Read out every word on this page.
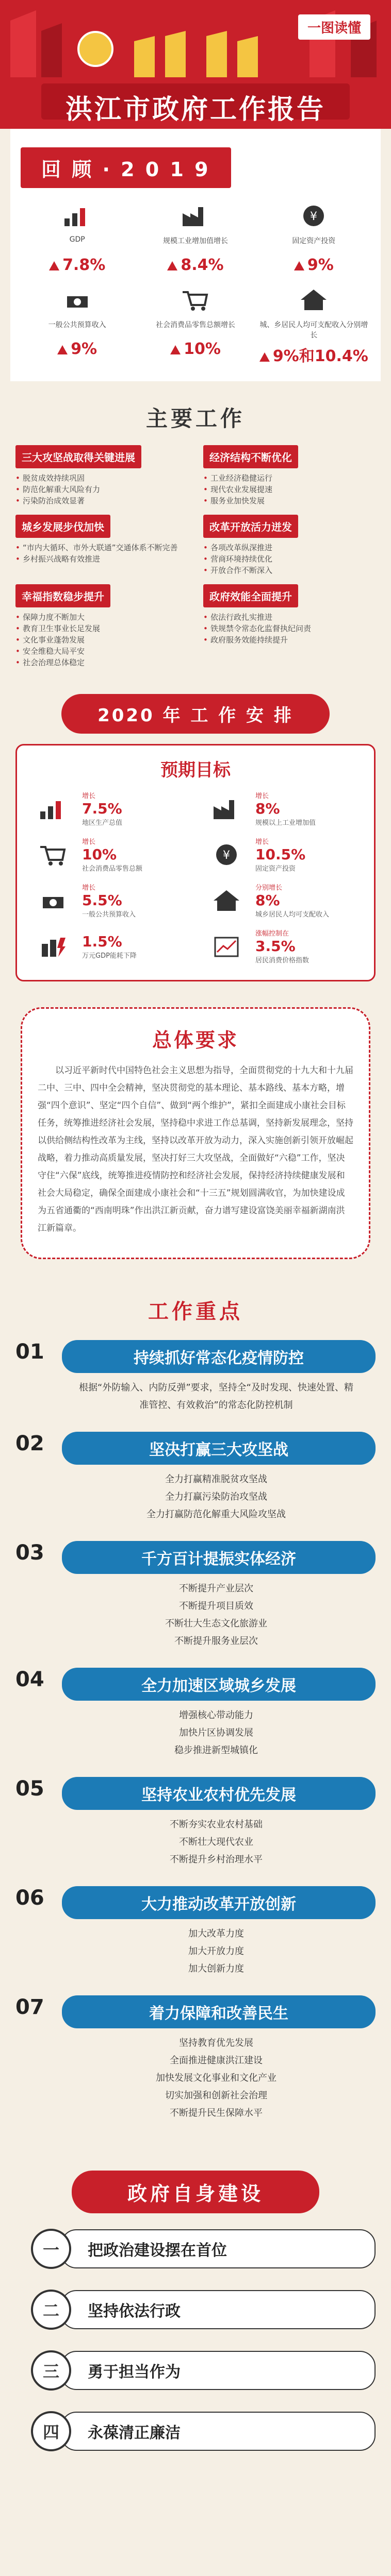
一图读懂
洪江市政府工作报告
回 顾 · 2 0 1 9
GDP
7.8%
规模工业增加值增长
8.4%
¥
固定资产投资
9%
一般公共预算收入
9%
社会消费品零售总额增长
10%
城、乡居民人均可支配收入分别增长
9%和10.4%
主要工作
三大攻坚战取得关键进展
• 脱贫成效持续巩固
• 防范化解重大风险有力
• 污染防治成效显著
经济结构不断优化
• 工业经济稳健运行
• 现代农业发展提速
• 服务业加快发展
城乡发展步伐加快
• “市内大循环、市外大联通”交通体系不断完善
• 乡村振兴战略有效推进
改革开放活力迸发
• 各项改革纵深推进
• 营商环境持续优化
• 开放合作不断深入
幸福指数稳步提升
• 保障力度不断加大
• 教育卫生事业长足发展
• 文化事业蓬勃发展
• 安全维稳大局平安
• 社会治理总体稳定
政府效能全面提升
• 依法行政扎实推进
• 铁规禁令常态化监督执纪问责
• 政府服务效能持续提升
2020 年 工 作 安 排
预期目标
增长
7.5%
地区生产总值
增长
8%
规模以上工业增加值
增长
10%
社会消费品零售总额
¥
增长
10.5%
固定资产投资
增长
5.5%
一般公共预算收入
分别增长
8%
城乡居民人均可支配收入
1.5%
万元GDP能耗下降
涨幅控制在
3.5%
居民消费价格指数
总体要求
以习近平新时代中国特色社会主义思想为指导，全面贯彻党的十九大和十九届二中、三中、四中全会精神，坚决贯彻党的基本理论、基本路线、基本方略，增强“四个意识”、坚定“四个自信”、做到“两个维护”，紧扣全面建成小康社会目标任务，统筹推进经济社会发展，坚持稳中求进工作总基调，坚持新发展理念，坚持以供给侧结构性改革为主线，坚持以改革开放为动力，深入实施创新引领开放崛起战略，着力推动高质量发展，坚决打好三大攻坚战，全面做好“六稳”工作，坚决守住“六保”底线，统筹推进疫情防控和经济社会发展，保持经济持续健康发展和社会大局稳定，确保全面建成小康社会和“十三五”规划圆满收官，为加快建设成为五省通衢的“西南明珠”作出洪江新贡献，奋力谱写建设富饶美丽幸福新湖南洪江新篇章。
工作重点
01	持续抓好常态化疫情防控
根据“外防输入、内防反弹”要求，坚持全“及时发现、快速处置、精准管控、有效救治”的常态化防控机制
02	坚决打赢三大攻坚战
全力打赢精准脱贫攻坚战
全力打赢污染防治攻坚战
全力打赢防范化解重大风险攻坚战
03	千方百计提振实体经济
不断提升产业层次
不断提升项目质效
不断壮大生态文化旅游业
不断提升服务业层次
04	全力加速区域城乡发展
增强核心带动能力
加快片区协调发展
稳步推进新型城镇化
05	坚持农业农村优先发展
不断夯实农业农村基础
不断壮大现代农业
不断提升乡村治理水平
06	大力推动改革开放创新
加大改革力度
加大开放力度
加大创新力度
07	着力保障和改善民生
坚持教育优先发展
全面推进健康洪江建设
加快发展文化事业和文化产业
切实加强和创新社会治理
不断提升民生保障水平
政府自身建设
一	把政治建设摆在首位
二	坚持依法行政
三	勇于担当作为
四	永葆清正廉洁
